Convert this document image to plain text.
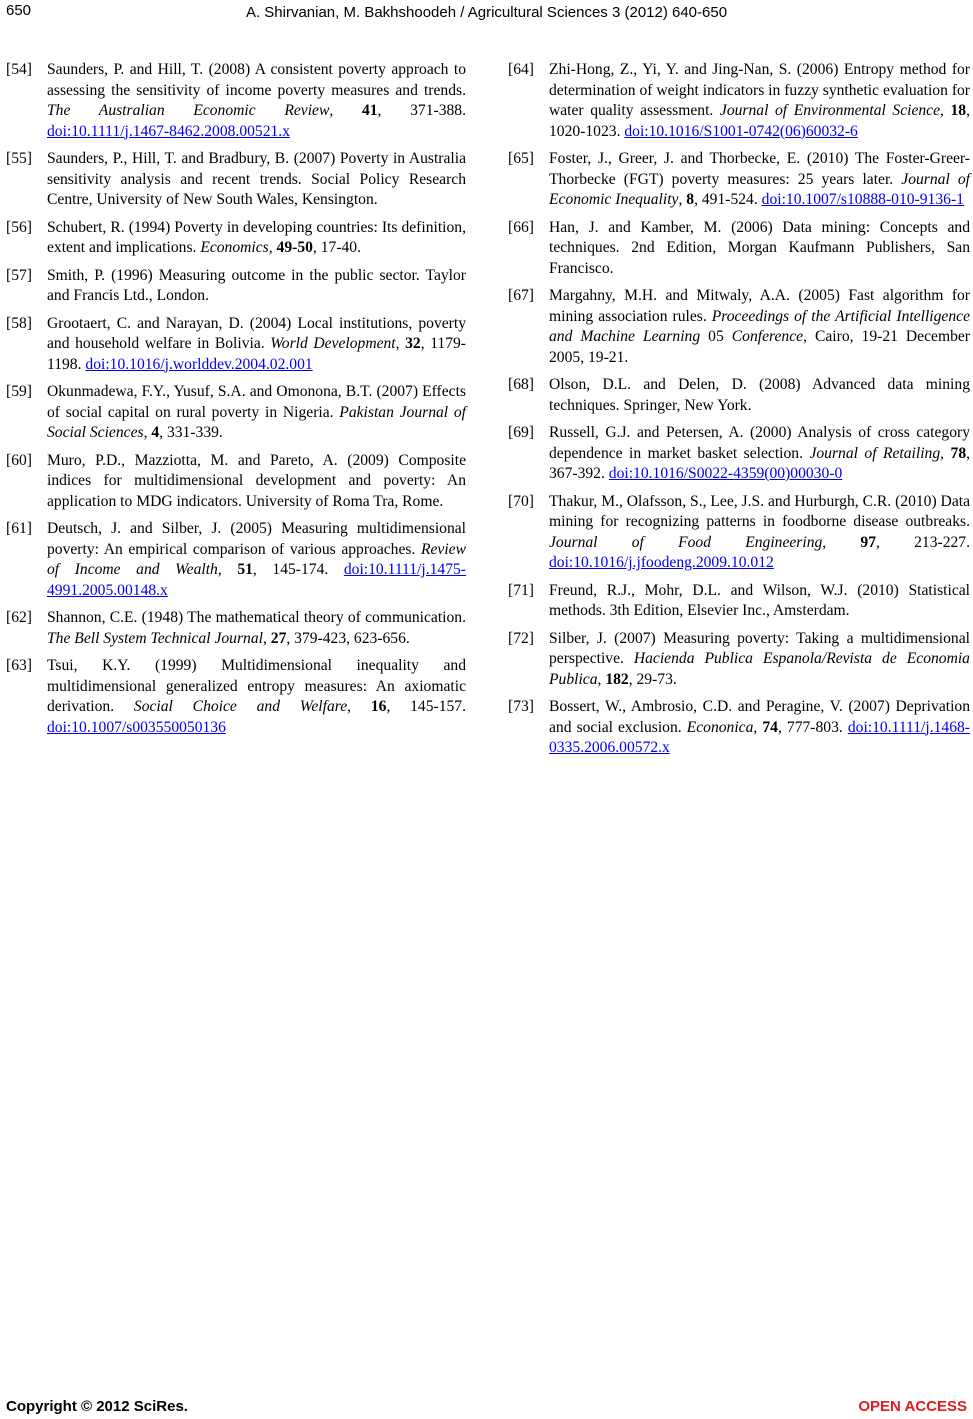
650	A. Shirvanian, M. Bakhshoodeh / Agricultural Sciences 3 (2012) 640-650
[54] Saunders, P. and Hill, T. (2008) A consistent poverty approach to assessing the sensitivity of income poverty measures and trends. The Australian Economic Review, 41, 371-388. doi:10.1111/j.1467-8462.2008.00521.x
[55] Saunders, P., Hill, T. and Bradbury, B. (2007) Poverty in Australia sensitivity analysis and recent trends. Social Policy Research Centre, University of New South Wales, Kensington.
[56] Schubert, R. (1994) Poverty in developing countries: Its definition, extent and implications. Economics, 49-50, 17-40.
[57] Smith, P. (1996) Measuring outcome in the public sector. Taylor and Francis Ltd., London.
[58] Grootaert, C. and Narayan, D. (2004) Local institutions, poverty and household welfare in Bolivia. World Development, 32, 1179-1198. doi:10.1016/j.worlddev.2004.02.001
[59] Okunmadewa, F.Y., Yusuf, S.A. and Omonona, B.T. (2007) Effects of social capital on rural poverty in Nigeria. Pakistan Journal of Social Sciences, 4, 331-339.
[60] Muro, P.D., Mazziotta, M. and Pareto, A. (2009) Composite indices for multidimensional development and poverty: An application to MDG indicators. University of Roma Tra, Rome.
[61] Deutsch, J. and Silber, J. (2005) Measuring multidimensional poverty: An empirical comparison of various approaches. Review of Income and Wealth, 51, 145-174. doi:10.1111/j.1475-4991.2005.00148.x
[62] Shannon, C.E. (1948) The mathematical theory of communication. The Bell System Technical Journal, 27, 379-423, 623-656.
[63] Tsui, K.Y. (1999) Multidimensional inequality and multidimensional generalized entropy measures: An axiomatic derivation. Social Choice and Welfare, 16, 145-157. doi:10.1007/s003550050136
[64] Zhi-Hong, Z., Yi, Y. and Jing-Nan, S. (2006) Entropy method for determination of weight indicators in fuzzy synthetic evaluation for water quality assessment. Journal of Environmental Science, 18, 1020-1023. doi:10.1016/S1001-0742(06)60032-6
[65] Foster, J., Greer, J. and Thorbecke, E. (2010) The Foster-Greer-Thorbecke (FGT) poverty measures: 25 years later. Journal of Economic Inequality, 8, 491-524. doi:10.1007/s10888-010-9136-1
[66] Han, J. and Kamber, M. (2006) Data mining: Concepts and techniques. 2nd Edition, Morgan Kaufmann Publishers, San Francisco.
[67] Margahny, M.H. and Mitwaly, A.A. (2005) Fast algorithm for mining association rules. Proceedings of the Artificial Intelligence and Machine Learning 05 Conference, Cairo, 19-21 December 2005, 19-21.
[68] Olson, D.L. and Delen, D. (2008) Advanced data mining techniques. Springer, New York.
[69] Russell, G.J. and Petersen, A. (2000) Analysis of cross category dependence in market basket selection. Journal of Retailing, 78, 367-392. doi:10.1016/S0022-4359(00)00030-0
[70] Thakur, M., Olafsson, S., Lee, J.S. and Hurburgh, C.R. (2010) Data mining for recognizing patterns in foodborne disease outbreaks. Journal of Food Engineering, 97, 213-227. doi:10.1016/j.jfoodeng.2009.10.012
[71] Freund, R.J., Mohr, D.L. and Wilson, W.J. (2010) Statistical methods. 3th Edition, Elsevier Inc., Amsterdam.
[72] Silber, J. (2007) Measuring poverty: Taking a multidimensional perspective. Hacienda Publica Espanola/Revista de Economia Publica, 182, 29-73.
[73] Bossert, W., Ambrosio, C.D. and Peragine, V. (2007) Deprivation and social exclusion. Econonica, 74, 777-803. doi:10.1111/j.1468-0335.2006.00572.x
Copyright © 2012 SciRes.	OPEN ACCESS
